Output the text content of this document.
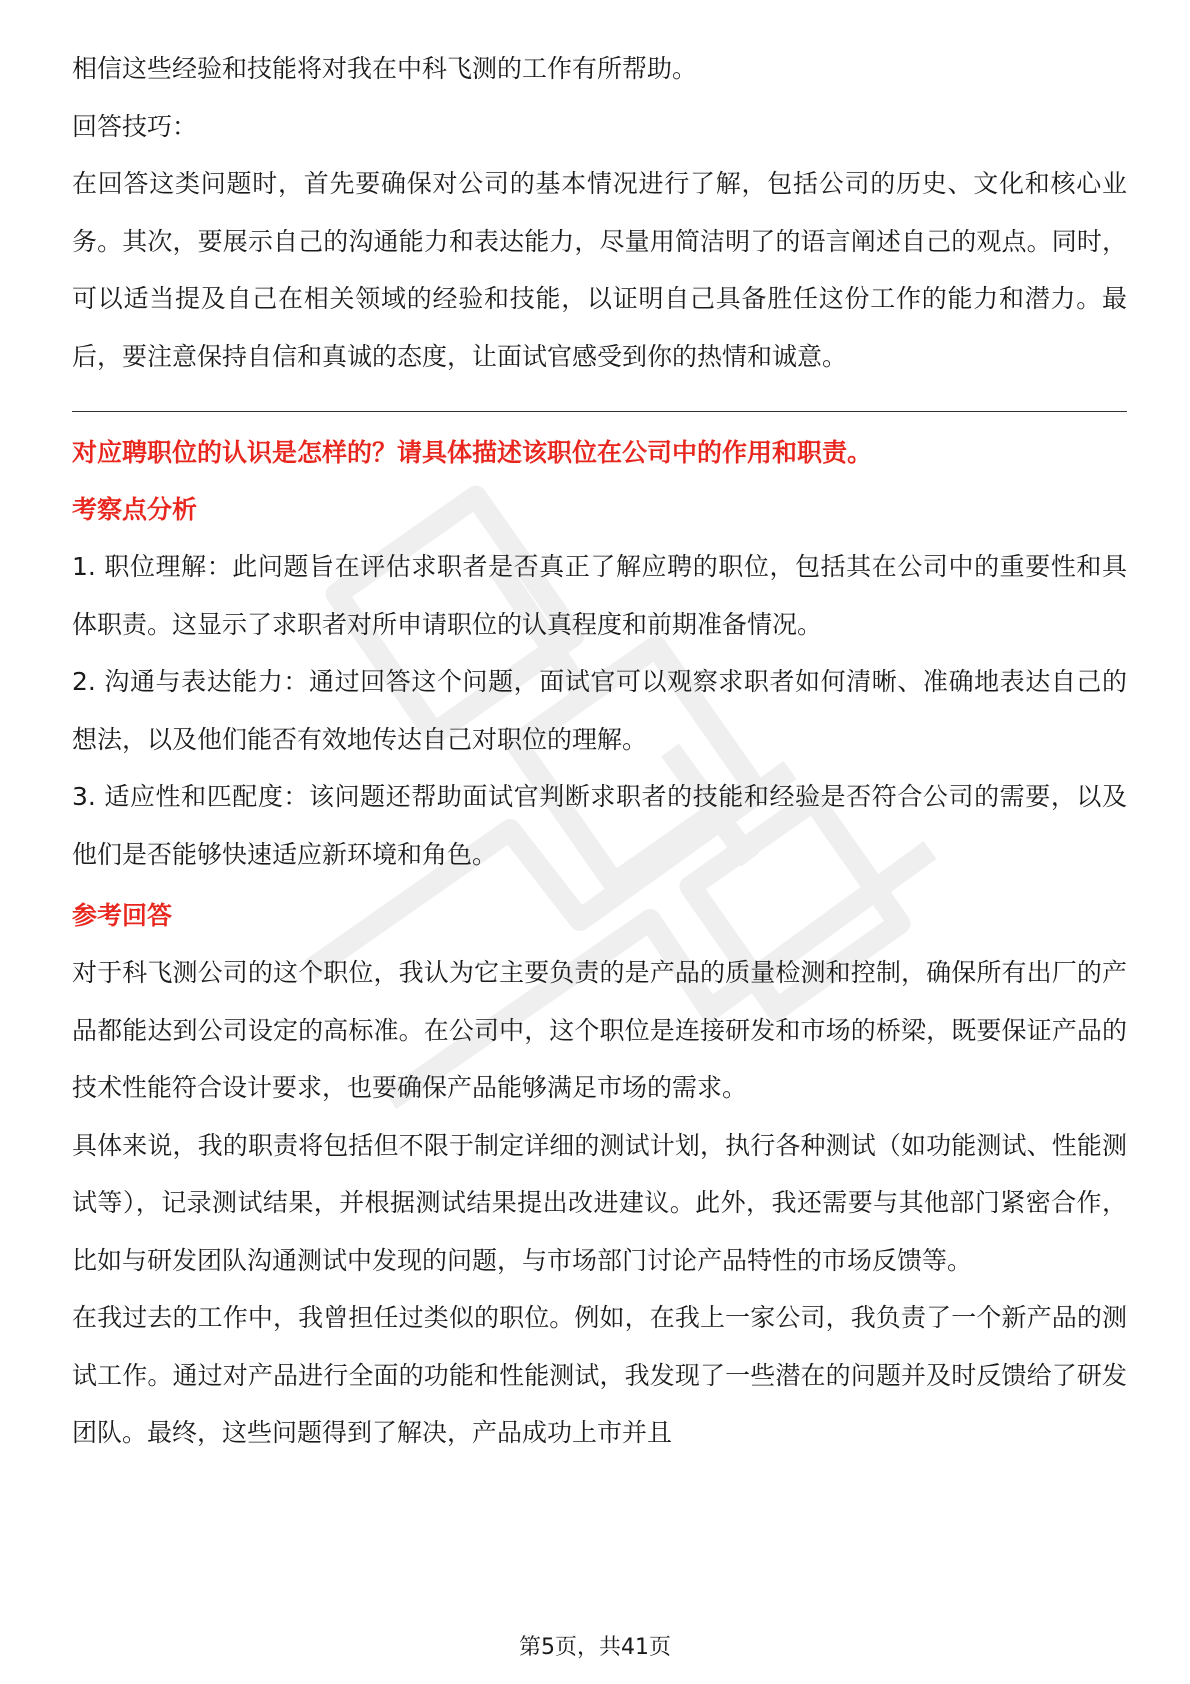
相信这些经验和技能将对我在中科飞测的工作有所帮助。

回答技巧：

在回答这类问题时，首先要确保对公司的基本情况进行了解，包括公司的历史、文化和核心业务。其次，要展示自己的沟通能力和表达能力，尽量用简洁明了的语言阐述自己的观点。同时，可以适当提及自己在相关领域的经验和技能，以证明自己具备胜任这份工作的能力和潜力。最后，要注意保持自信和真诚的态度，让面试官感受到你的热情和诚意。

对应聘职位的认识是怎样的？请具体描述该职位在公司中的作用和职责。

考察点分析

1. 职位理解：此问题旨在评估求职者是否真正了解应聘的职位，包括其在公司中的重要性和具体职责。这显示了求职者对所申请职位的认真程度和前期准备情况。

2. 沟通与表达能力：通过回答这个问题，面试官可以观察求职者如何清晰、准确地表达自己的想法，以及他们能否有效地传达自己对职位的理解。

3. 适应性和匹配度：该问题还帮助面试官判断求职者的技能和经验是否符合公司的需要，以及他们是否能够快速适应新环境和角色。

参考回答

对于科飞测公司的这个职位，我认为它主要负责的是产品的质量检测和控制，确保所有出厂的产品都能达到公司设定的高标准。在公司中，这个职位是连接研发和市场的桥梁，既要保证产品的技术性能符合设计要求，也要确保产品能够满足市场的需求。

具体来说，我的职责将包括但不限于制定详细的测试计划，执行各种测试（如功能测试、性能测试等），记录测试结果，并根据测试结果提出改进建议。此外，我还需要与其他部门紧密合作，比如与研发团队沟通测试中发现的问题，与市场部门讨论产品特性的市场反馈等。

在我过去的工作中，我曾担任过类似的职位。例如，在我上一家公司，我负责了一个新产品的测试工作。通过对产品进行全面的功能和性能测试，我发现了一些潜在的问题并及时反馈给了研发团队。最终，这些问题得到了解决，产品成功上市并且

第5页，共41页
